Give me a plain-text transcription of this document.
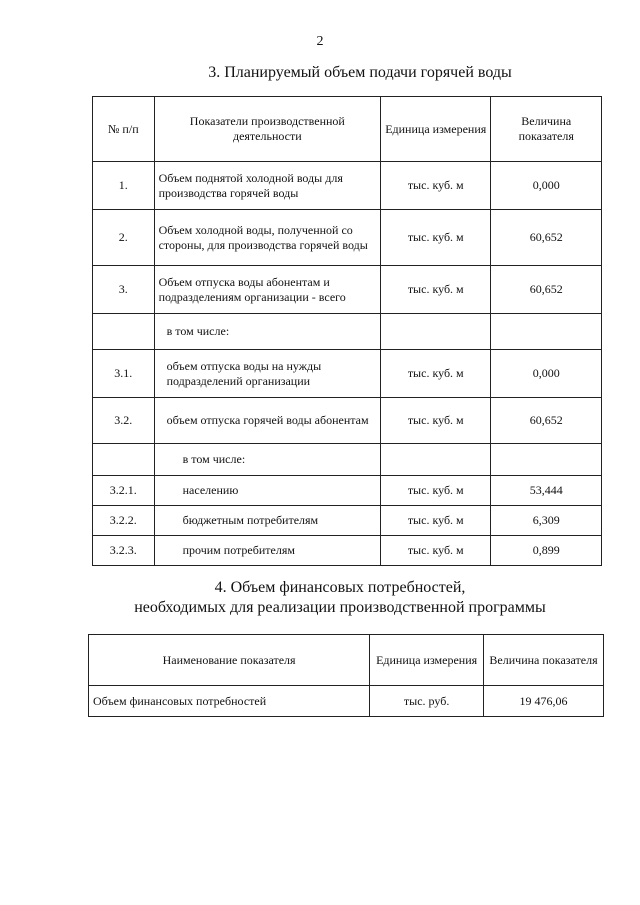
2
3. Планируемый объем подачи горячей воды
№ п/п	Показатели производственной деятельности	Единица измерения	Величина показателя
1.	Объем поднятой холодной воды для производства горячей воды	тыс. куб. м	0,000
2.	Объем холодной воды, полученной со стороны, для производства горячей воды	тыс. куб. м	60,652
3.	Объем отпуска воды абонентам и подразделениям организации - всего	тыс. куб. м	60,652
	в том числе:		
3.1.	объем отпуска воды на нужды подразделений организации	тыс. куб. м	0,000
3.2.	объем отпуска горячей воды абонентам	тыс. куб. м	60,652
	в том числе:		
3.2.1.	населению	тыс. куб. м	53,444
3.2.2.	бюджетным потребителям	тыс. куб. м	6,309
3.2.3.	прочим потребителям	тыс. куб. м	0,899
4. Объем финансовых потребностей,
необходимых для реализации производственной программы
Наименование показателя	Единица измерения	Величина показателя
Объем финансовых потребностей	тыс. руб.	19 476,06
